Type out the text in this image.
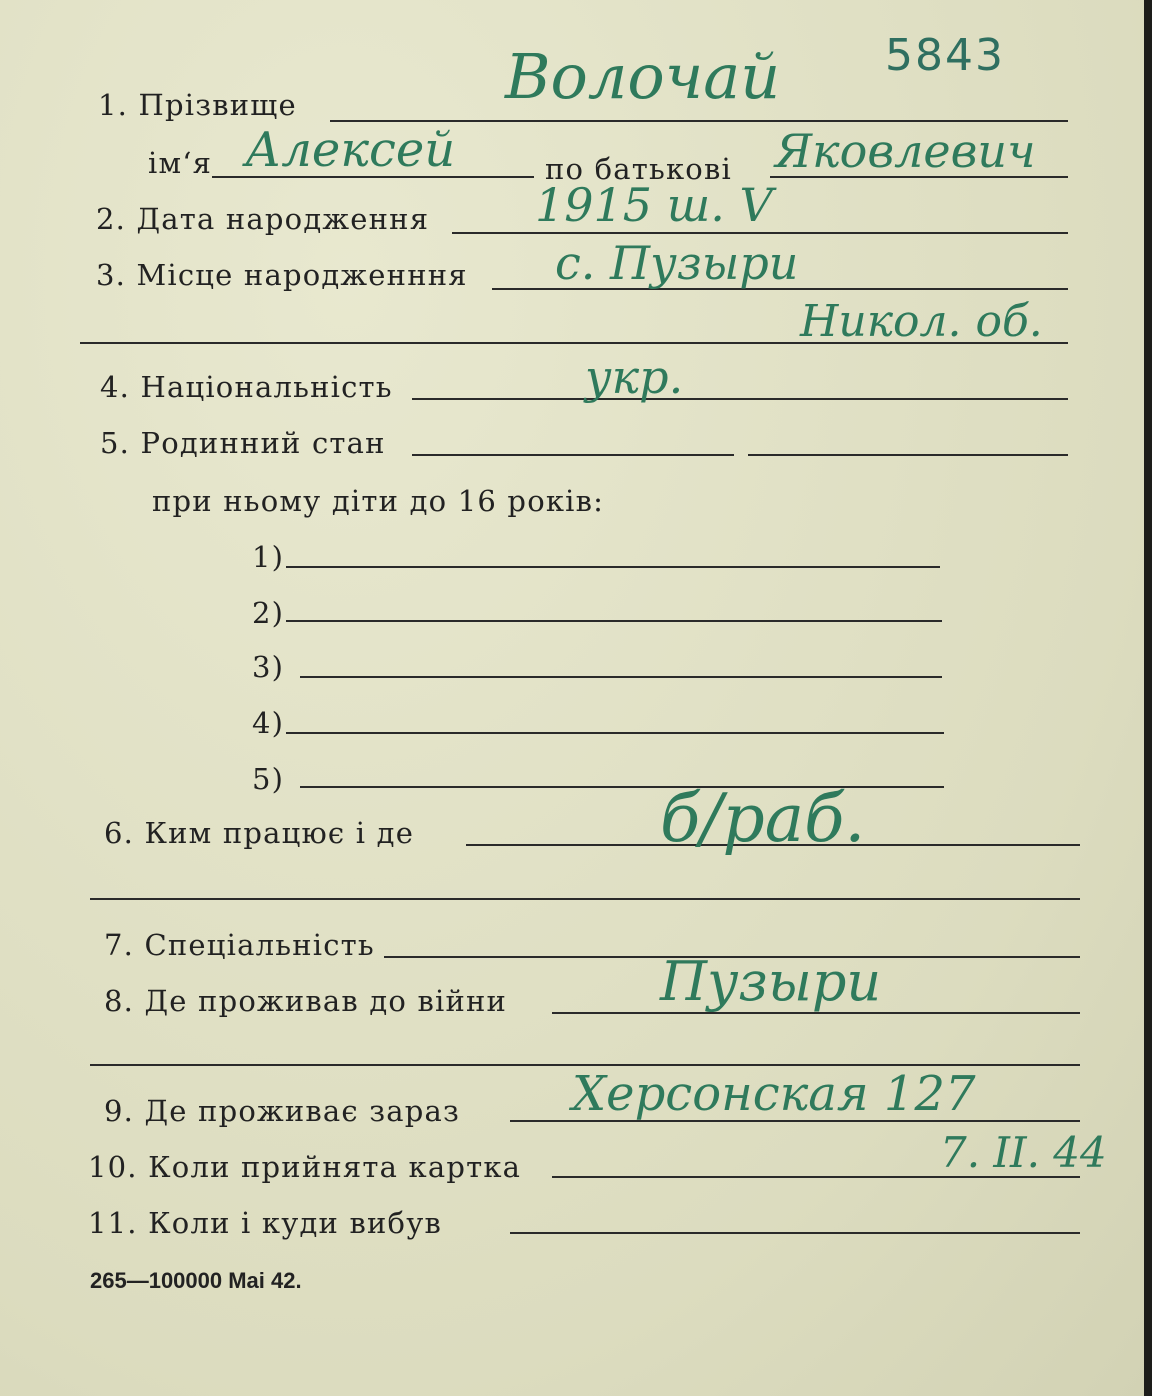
5843
1. Прізвище	Волочай
ім‘я Алексей	по батькові Яковлевич
2. Дата народження 1915 ш. V
3. Місце народженння с. Пузыри
Никол. об.
4. Національність	укр.
5. Родинний стан
при ньому діти до 16 років:
1)
2)
3)
4)
5)
6. Ким працює і де	б/раб.
7. Спеціальність
8. Де проживав до війни	Пузыри
9. Де проживає зараз Херсонская 127
10. Коли прийнята картка	7. II. 44
11. Коли і куди вибув
265—100000 Mai 42.
